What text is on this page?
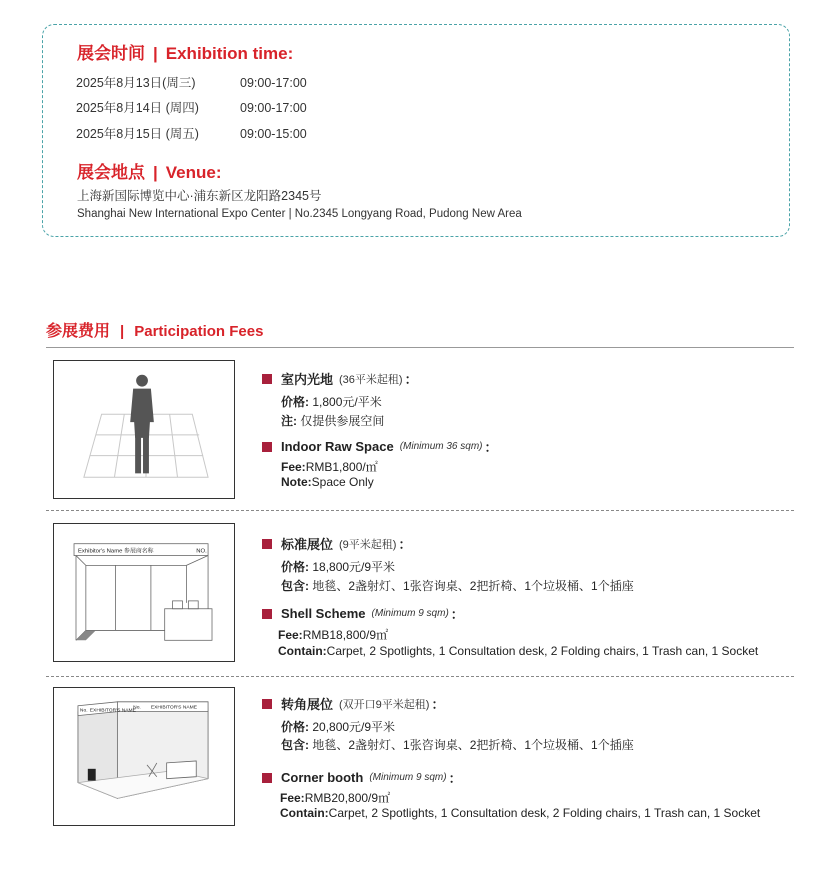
展会时间 | Exhibition time:
2025年8月13日(周三)	09:00-17:00
2025年8月14日 (周四)	09:00-17:00
2025年8月15日 (周五)	09:00-15:00
展会地点 | Venue:
上海新国际博览中心·浦东新区龙阳路2345号
Shanghai New International Expo Center | No.2345 Longyang Road, Pudong New Area
参展费用 | Participation Fees
室内光地 (36平米起租) ：
价格: 1,800元/平米
注: 仅提供参展空间
Indoor Raw Space (Minimum 36 sqm) ：
Fee:RMB1,800/㎡
Note:Space Only
Exhibitor's Name 参展商名称	NO.	标准展位 (9平米起租) ：
价格: 18,800元/9平米
包含: 地毯、2盏射灯、1张咨询桌、2把折椅、1个垃圾桶、1个插座
Shell Scheme (Minimum 9 sqm) ：
Fee:RMB18,800/9㎡
Contain:Carpet, 2 Spotlights, 1 Consultation desk, 2 Folding chairs, 1 Trash can, 1 Socket
No. EXHIBITOR'S NAME
No. EXHIBITOR'S NAME	转角展位 (双开口9平米起租) ：
价格: 20,800元/9平米
包含: 地毯、2盏射灯、1张咨询桌、2把折椅、1个垃圾桶、1个插座
Corner booth (Minimum 9 sqm) ：
Fee:RMB20,800/9㎡
Contain:Carpet, 2 Spotlights, 1 Consultation desk, 2 Folding chairs, 1 Trash can, 1 Socket
